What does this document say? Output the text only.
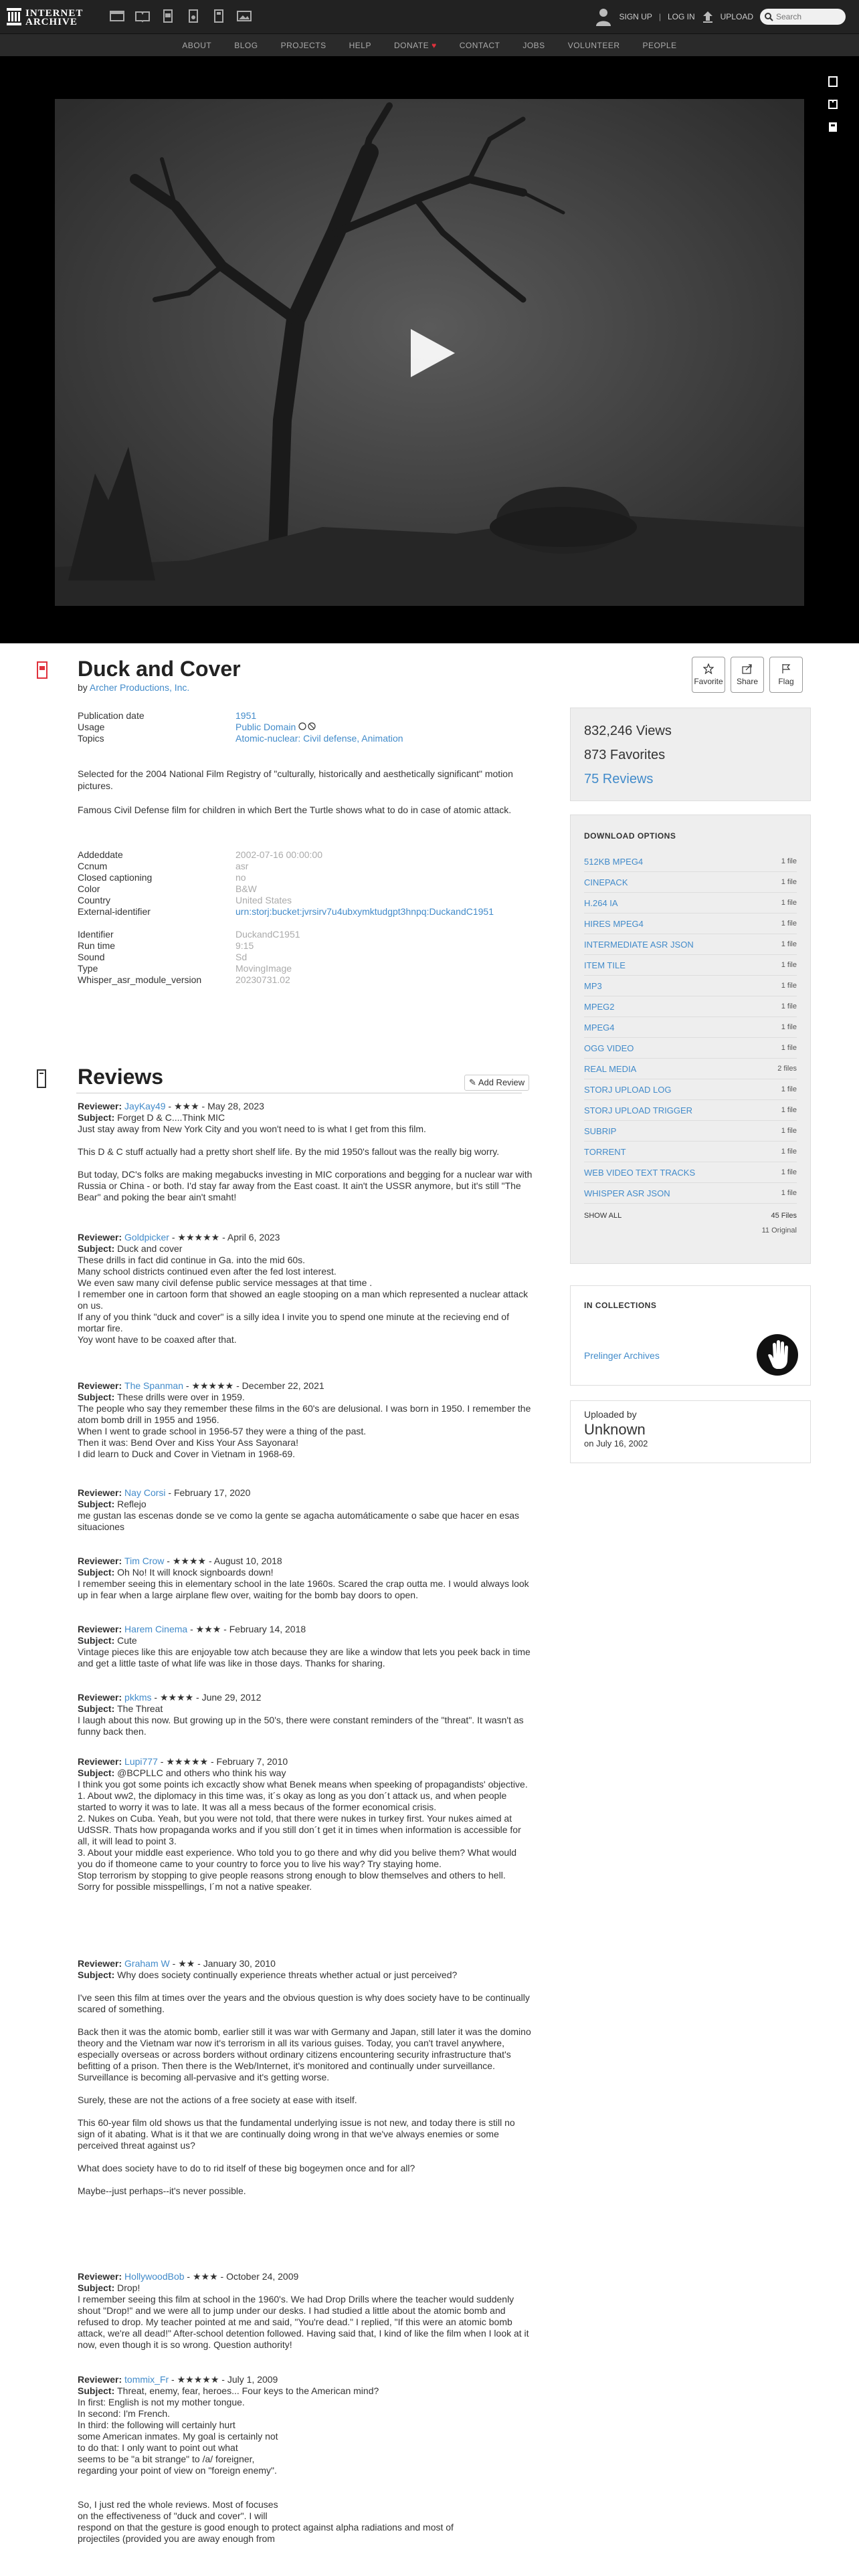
INTERNET
ARCHIVE	SIGN UP | LOG IN	UPLOAD
Search
ABOUT	BLOG	PROJECTS	HELP	DONATE ♥	CONTACT	JOBS	VOLUNTEER	PEOPLE
Duck and Cover
by Archer Productions, Inc.
Favorite Share	Flag
Publication date	1951
Usage	Public Domain
Topics	Atomic-nuclear: Civil defense, Animation

Selected for the 2004 National Film Registry of "culturally, historically and aesthetically significant" motion pictures.

Famous Civil Defense film for children in which Bert the Turtle shows what to do in case of atomic attack.

Addeddate	2002-07-16 00:00:00
Ccnum	asr
Closed captioning	no
Color	B&W
Country	United States
External-identifier	urn:storj:bucket:jvrsirv7u4ubxymktudgpt3hnpq:DuckandC1951
Identifier	DuckandC1951
Run time	9:15
Sound	Sd
Type	MovingImage
Whisper_asr_module_version	20230731.02
832,246 Views
873 Favorites
75 Reviews
DOWNLOAD OPTIONS
512KB MPEG4	1 file
CINEPACK	1 file
H.264 IA	1 file
HIRES MPEG4	1 file
INTERMEDIATE ASR JSON	1 file
ITEM TILE	1 file
MP3	1 file
MPEG2	1 file
MPEG4	1 file
OGG VIDEO	1 file
REAL MEDIA	2 files
STORJ UPLOAD LOG	1 file
STORJ UPLOAD TRIGGER	1 file
SUBRIP	1 file
TORRENT	1 file
WEB VIDEO TEXT TRACKS	1 file
WHISPER ASR JSON	1 file
SHOW ALL	45 Files
11 Original
IN COLLECTIONS
Prelinger Archives
Uploaded by
Unknown
on July 16, 2002
Reviews	✎ Add Review
Reviewer: JayKay49 - ★★★ - May 28, 2023
Subject: Forget D & C....Think MIC

Just stay away from New York City and you won't need to is what I get from this film.

This D & C stuff actually had a pretty short shelf life. By the mid 1950's fallout was the really big worry.

But today, DC's folks are making megabucks investing in MIC corporations and begging for a nuclear war with Russia or China - or both. I'd stay far away from the East coast. It ain't the USSR anymore, but it's still "The Bear" and poking the bear ain't smaht!

Reviewer: Goldpicker - ★★★★★ - April 6, 2023
Subject: Duck and cover

These drills in fact did continue in Ga. into the mid 60s.

Many school districts continued even after the fed lost interest.

We even saw many civil defense public service messages at that time .

I remember one in cartoon form that showed an eagle stooping on a man which represented a nuclear attack on us.

If any of you think "duck and cover" is a silly idea I invite you to spend one minute at the recieving end of mortar fire.

Yoy wont have to be coaxed after that.

Reviewer: The Spanman - ★★★★★ - December 22, 2021
Subject: These drills were over in 1959.

The people who say they remember these films in the 60's are delusional. I was born in 1950. I remember the atom bomb drill in 1955 and 1956.

When I went to grade school in 1956-57 they were a thing of the past.

Then it was: Bend Over and Kiss Your Ass Sayonara!

I did learn to Duck and Cover in Vietnam in 1968-69.

Reviewer: Nay Corsi - February 17, 2020
Subject: Reflejo

me gustan las escenas donde se ve como la gente se agacha automáticamente o sabe que hacer en esas situaciones

Reviewer: Tim Crow - ★★★★ - August 10, 2018
Subject: Oh No! It will knock signboards down!

I remember seeing this in elementary school in the late 1960s. Scared the crap outta me. I would always look up in fear when a large airplane flew over, waiting for the bomb bay doors to open.

Reviewer: Harem Cinema - ★★★ - February 14, 2018
Subject: Cute

Vintage pieces like this are enjoyable tow atch because they are like a window that lets you peek back in time and get a little taste of what life was like in those days. Thanks for sharing.

Reviewer: pkkms - ★★★★ - June 29, 2012
Subject: The Threat

I laugh about this now. But growing up in the 50's, there were constant reminders of the "threat". It wasn't as funny back then.

Reviewer: Lupi777 - ★★★★★ - February 7, 2010
Subject: @BCPLLC and others who think his way

I think you got some points ich excactly show what Benek means when speeking of propagandists' objective.

1. About ww2, the diplomacy in this time was, it´s okay as long as you don´t attack us, and when people started to worry it was to late. It was all a mess becaus of the former economical crisis.

2. Nukes on Cuba. Yeah, but you were not told, that there were nukes in turkey first. Your nukes aimed at UdSSR. Thats how propaganda works and if you still don´t get it in times when information is accessible for all, it will lead to point 3.

3. About your middle east experience. Who told you to go there and why did you belive them? What would you do if thomeone came to your country to force you to live his way? Try staying home.

Stop terrorism by stopping to give people reasons strong enough to blow themselves and others to hell.

Sorry for possible misspellings, I´m not a native speaker.

Reviewer: Graham W - ★★ - January 30, 2010
Subject: Why does society continually experience threats whether actual or just perceived?

I've seen this film at times over the years and the obvious question is why does society have to be continually scared of something.

Back then it was the atomic bomb, earlier still it was war with Germany and Japan, still later it was the domino theory and the Vietnam war now it's terrorism in all its various guises. Today, you can't travel anywhere, especially overseas or across borders without ordinary citizens encountering security infrastructure that's befitting of a prison. Then there is the Web/Internet, it's monitored and continually under surveillance. Surveillance is becoming all-pervasive and it's getting worse.

Surely, these are not the actions of a free society at ease with itself.

This 60-year film old shows us that the fundamental underlying issue is not new, and today there is still no sign of it abating. What is it that we are continually doing wrong in that we've always enemies or some perceived threat against us?

What does society have to do to rid itself of these big bogeymen once and for all?

Maybe--just perhaps--it's never possible.

Reviewer: HollywoodBob - ★★★ - October 24, 2009
Subject: Drop!

I remember seeing this film at school in the 1960's. We had Drop Drills where the teacher would suddenly shout "Drop!" and we were all to jump under our desks. I had studied a little about the atomic bomb and refused to drop. My teacher pointed at me and said, "You're dead." I replied, "If this were an atomic bomb attack, we're all dead!" After-school detention followed. Having said that, I kind of like the film when I look at it now, even though it is so wrong. Question authority!

Reviewer: tommix_Fr - ★★★★★ - July 1, 2009
Subject: Threat, enemy, fear, heroes... Four keys to the American mind?

In first: English is not my mother tongue.

In second: I'm French.

In third: the following will certainly hurt

some American inmates. My goal is certainly not

to do that: I only want to point out what

seems to be "a bit strange" to /a/ foreigner,

regarding your point of view on "foreign enemy".

So, I just red the whole reviews. Most of focuses

on the effectiveness of "duck and cover". I will

respond on that the gesture is good enough to protect against alpha radiations and most of

projectiles (provided you are away enough from
